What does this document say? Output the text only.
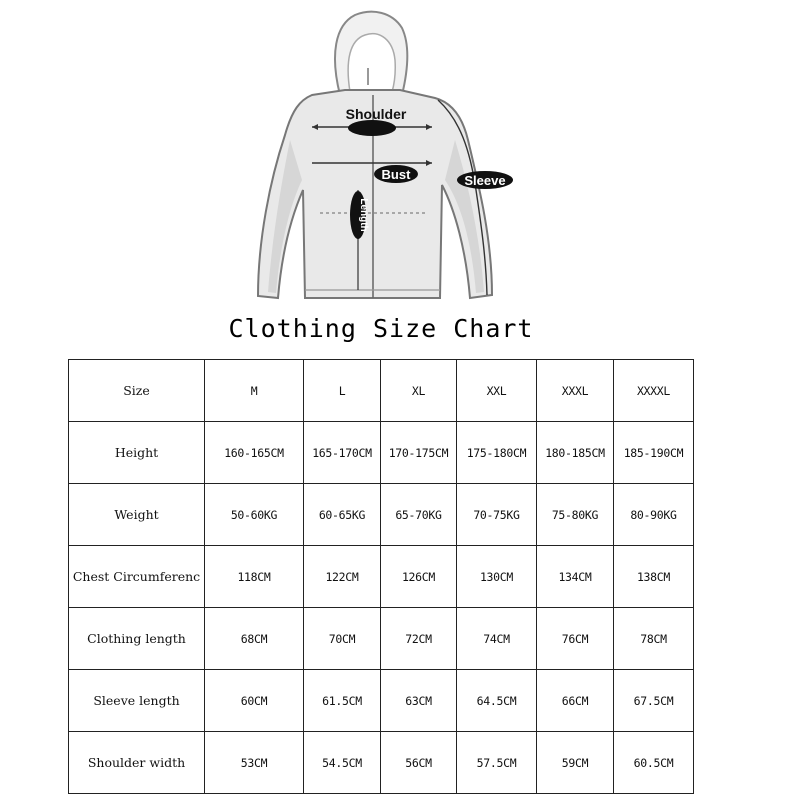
Shoulder
Bust
Length
Sleeve
Clothing Size Chart
Size	M	L	XL	XXL	XXXL	XXXXL
Height	160-165CM	165-170CM	170-175CM	175-180CM	180-185CM	185-190CM
Weight	50-60KG	60-65KG	65-70KG	70-75KG	75-80KG	80-90KG
Chest Circumferenc	118CM	122CM	126CM	130CM	134CM	138CM
Clothing length	68CM	70CM	72CM	74CM	76CM	78CM
Sleeve length	60CM	61.5CM	63CM	64.5CM	66CM	67.5CM
Shoulder width	53CM	54.5CM	56CM	57.5CM	59CM	60.5CM
